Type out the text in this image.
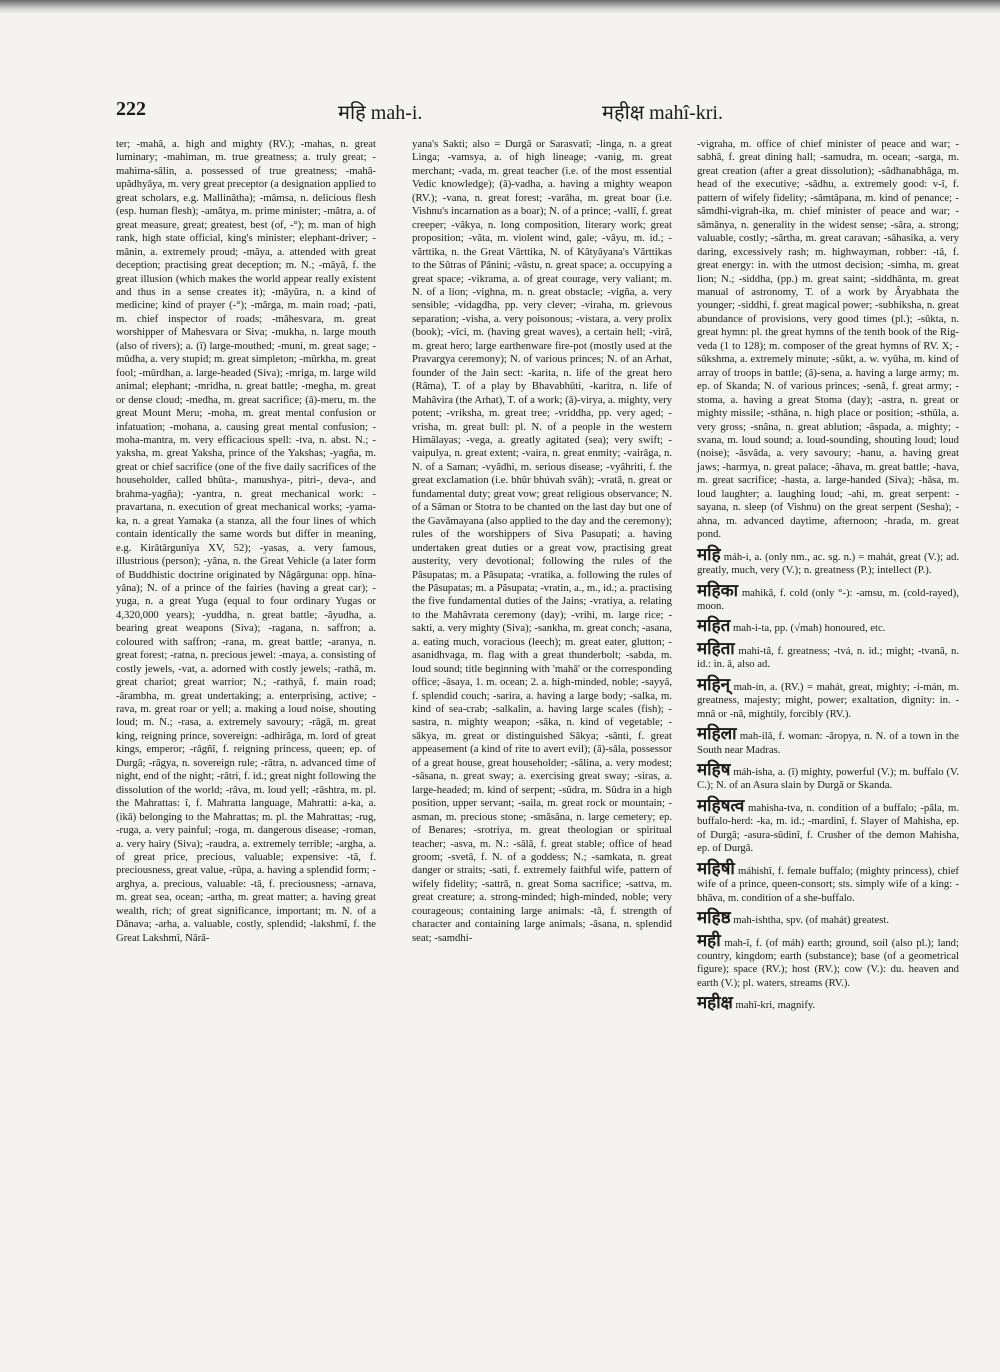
222	महि mah-i.	महीक्ष mahî-kri.

ter; -mahâ, a. high and mighty (RV.); -mahas, n. great luminary; -mahiman, m. true greatness; a. truly great; -mahima-sâlin, a. possessed of true greatness; -mahâ-upâdhyâya, m. very great preceptor (a designation applied to great scholars, e.g. Mallinâtha); -mâmsa, n. delicious flesh (esp. human flesh); -amâtya, m. prime minister; -mâtra, a. of great measure, great; greatest, best (of, -°); m. man of high rank, high state official, king's minister; elephant-driver; -mânin, a. extremely proud; -mâya, a. attended with great deception; practising great deception; m. N.; -mâyâ, f. the great illusion (which makes the world appear really existent and thus in a sense creates it); -mâyûra, n. a kind of medicine; kind of prayer (-°); -mârga, m. main road; -pati, m. chief inspector of roads; -mâhesvara, m. great worshipper of Mahesvara or Siva; -mukha, n. large mouth (also of rivers); a. (î) large-mouthed; -muni, m. great sage; -mûdha, a. very stupid; m. great simpleton; -mûrkha, m. great fool; -mûrdhan, a. large-headed (Siva); -mriga, m. large wild animal; elephant; -mridha, n. great battle; -megha, m. great or dense cloud; -medha, m. great sacrifice; (â)-meru, m. the great Mount Meru; -moha, m. great mental confusion or infatuation; -mohana, a. causing great mental confusion; -moha-mantra, m. very efficacious spell: -tva, n. abst. N.; -yaksha, m. great Yaksha, prince of the Yakshas; -yagña, m. great or chief sacrifice (one of the five daily sacrifices of the householder, called bhûta-, manushya-, pitri-, deva-, and brahma-yagña); -yantra, n. great mechanical work: -pravartana, n. execution of great mechanical works; -yama-ka, n. a great Yamaka (a stanza, all the four lines of which contain identically the same words but differ in meaning, e.g. Kirâtârgunîya XV, 52); -yasas, a. very famous, illustrious (person); -yâna, n. the Great Vehicle (a later form of Buddhistic doctrine originated by Nâgârguna: opp. hîna-yâna); N. of a prince of the fairies (having a great car); -yuga, n. a great Yuga (equal to four ordinary Yugas or 4,320,000 years); -yuddha, n. great battle; -âyudha, a. bearing great weapons (Siva); -ragana, n. saffron; a. coloured with saffron; -rana, m. great battle; -aranya, n. great forest; -ratna, n. precious jewel: -maya, a. consisting of costly jewels, -vat, a. adorned with costly jewels; -rathâ, m. great chariot; great warrior; N.; -rathyâ, f. main road; -ârambha, m. great undertaking; a. enterprising, active; -rava, m. great roar or yell; a. making a loud noise, shouting loud; m. N.; -rasa, a. extremely savoury; -râgâ, m. great king, reigning prince, sovereign: -adhirâga, m. lord of great kings, emperor; -râgñî, f. reigning princess, queen; ep. of Durgâ; -râgya, n. sovereign rule; -râtra, n. advanced time of night, end of the night; -râtri, f. id.; great night following the dissolution of the world; -râva, m. loud yell; -râshtra, m. pl. the Mahrattas: î, f. Mahratta language, Mahratti: a-ka, a. (ikâ) belonging to the Mahrattas; m. pl. the Mahrattas; -rug, -ruga, a. very painful; -roga, m. dangerous disease; -roman, a. very hairy (Siva); -raudra, a. extremely terrible; -argha, a. of great price, precious, valuable; expensive: -tâ, f. preciousness, great value, -rûpa, a. having a splendid form; -arghya, a. precious, valuable: -tâ, f. preciousness; -arnava, m. great sea, ocean; -artha, m. great matter; a. having great wealth, rich; of great significance, important; m. N. of a Dânava; -arha, a. valuable, costly, splendid; -lakshmî, f. the Great Lakshmî, Nârâ-

yana's Sakti; also = Durgâ or Sarasvatî; -linga, n. a great Linga; -vamsya, a. of high lineage; -vanig, m. great merchant; -vada, m. great teacher (i.e. of the most essential Vedic knowledge); (â)-vadha, a. having a mighty weapon (RV.); -vana, n. great forest; -varâha, m. great boar (i.e. Vishnu's incarnation as a boar); N. of a prince; -vallî, f. great creeper; -vâkya, n. long composition, literary work; great proposition; -vâta, m. violent wind, gale; -vâyu, m. id.; -vârttika, n. the Great Vârttika, N. of Kâtyâyana's Vârttikas to the Sûtras of Pânini; -vâstu, n. great space; a. occupying a great space; -vikrama, a. of great courage, very valiant; m. N. of a lion; -vighna, m. n. great obstacle; -vigña, a. very sensible; -vidagdha, pp. very clever; -viraha, m. grievous separation; -visha, a. very poisonous; -vistara, a. very prolix (book); -vîci, m. (having great waves), a certain hell; -virâ, m. great hero; large earthenware fire-pot (mostly used at the Pravargya ceremony); N. of various princes; N. of an Arhat, founder of the Jain sect: -karita, n. life of the great hero (Râma), T. of a play by Bhavabhûti, -karitra, n. life of Mahâvira (the Arhat), T. of a work; (â)-virya, a. mighty, very potent; -vriksha, m. great tree; -vriddha, pp. very aged; -vrisha, m. great bull: pl. N. of a people in the western Himâlayas; -vega, a. greatly agitated (sea); very swift; -vaipulya, n. great extent; -vaira, n. great enmity; -vairâga, n. N. of a Saman; -vyâdhi, m. serious disease; -vyâhriti, f. the great exclamation (i.e. bhûr bhúvah svâh); -vratâ, n. great or fundamental duty; great vow; great religious observance; N. of a Sâman or Stotra to be chanted on the last day but one of the Gavâmayana (also applied to the day and the ceremony); rules of the worshippers of Siva Pasupati; a. having undertaken great duties or a great vow, practising great austerity, very devotional; following the rules of the Pâsupatas; m. a Pâsupata; -vratika, a. following the rules of the Pâsupatas; m. a Pâsupata; -vratin, a., m., id.; a. practising the five fundamental duties of the Jains; -vratiya, a. relating to the Mahâvrata ceremony (day); -vrihi, m. large rice; -sakti, a. very mighty (Siva); -sankha, m. great conch; -asana, a. eating much, voracious (leech); m. great eater, glutton; -asanidhvaga, m. flag with a great thunderbolt; -sabda, m. loud sound; title beginning with 'mahâ' or the corresponding office; -âsaya, 1. m. ocean; 2. a. high-minded, noble; -sayyâ, f. splendid couch; -sarira, a. having a large body; -salka, m. kind of sea-crab; -salkalin, a. having large scales (fish); -sastra, n. mighty weapon; -sâka, n. kind of vegetable; -sâkya, m. great or distinguished Sâkya; -sânti, f. great appeasement (a kind of rite to avert evil); (â)-sâla, possessor of a great house, great householder; -sâlina, a. very modest; -sâsana, n. great sway; a. exercising great sway; -siras, a. large-headed; m. kind of serpent; -sûdra, m. Sûdra in a high position, upper servant; -saila, m. great rock or mountain; -asman, m. precious stone; -smâsâna, n. large cemetery; ep. of Benares; -srotriya, m. great theologian or spiritual teacher; -asva, m. N.: -sâlâ, f. great stable; office of head groom; -svetâ, f. N. of a goddess; N.; -samkata, n. great danger or straits; -sati, f. extremely faithful wife, pattern of wifely fidelity; -sattrâ, n. great Soma sacrifice; -sattva, m. great creature; a. strong-minded; high-minded, noble; very courageous; containing large animals: -tâ, f. strength of character and containing large animals; -âsana, n. splendid seat; -samdhi-

-vigraha, m. office of chief minister of peace and war; -sabhâ, f. great dining hall; -samudra, m. ocean; -sarga, m. great creation (after a great dissolution); -sâdhanabhâga, m. head of the executive; -sâdhu, a. extremely good: v-î, f. pattern of wifely fidelity; -sâmtâpana, m. kind of penance; -sâmdhi-vigrah-ika, m. chief minister of peace and war; -sâmânya, n. generality in the widest sense; -sâra, a. strong; valuable, costly; -sârtha, m. great caravan; -sâhasika, a. very daring, excessively rash; m. highwayman, robber: -tâ, f. great energy: in. with the utmost decision; -simha, m. great lion; N.; -siddha, (pp.) m. great saint; -siddhânta, m. great manual of astronomy, T. of a work by Âryabhata the younger; -siddhi, f. great magical power; -subhiksha, n. great abundance of provisions, very good times (pl.); -sûkta, n. great hymn: pl. the great hymns of the tenth book of the Rig-veda (1 to 128); m. composer of the great hymns of RV. X; -sûkshma, a. extremely minute; -sûkt, a. w. vyûha, m. kind of array of troops in battle; (â)-sena, a. having a large army; m. ep. of Skanda; N. of various princes; -senâ, f. great army; -stoma, a. having a great Stoma (day); -astra, n. great or mighty missile; -sthâna, n. high place or position; -sthûla, a. very gross; -snâna, n. great ablution; -âspada, a. mighty; -svana, m. loud sound; a. loud-sounding, shouting loud; loud (noise); -âsvâda, a. very savoury; -hanu, a. having great jaws; -harmya, n. great palace; -âhava, m. great battle; -hava, m. great sacrifice; -hasta, a. large-handed (Siva); -hâsa, m. loud laughter; a. laughing loud; -ahi, m. great serpent: -sayana, n. sleep (of Vishnu) on the great serpent (Sesha); -ahna, m. advanced daytime, afternoon; -hrada, m. great pond.

महि máh-i, a. (only nm., ac. sg. n.) = mahát, great (V.); ad. greatly, much, very (V.); n. greatness (P.); intellect (P.).

महिका mahikâ, f. cold (only °-): -amsu, m. (cold-rayed), moon.

महित mah-i-ta, pp. (√mah) honoured, etc.

महिता mahi-tâ, f. greatness; -tvá, n. id.; might; -tvanâ, n. id.: in. â, also ad.

महिन् mah-ín, a. (RV.) = mahát, great, mighty; -i-mán, m. greatness, majesty; might, power; exaltation, dignity: in. -mnâ or -nâ, mightily, forcibly (RV.).

महिला mah-ilâ, f. woman: -âropya, n. N. of a town in the South near Madras.

महिष máh-isha, a. (î) mighty, powerful (V.); m. buffalo (V. C.); N. of an Asura slain by Durgâ or Skanda.

महिषत्व mahisha-tva, n. condition of a buffalo; -pâla, m. buffalo-herd: -ka, m. id.; -mardinî, f. Slayer of Mahisha, ep. of Durgâ; -asura-sûdinî, f. Crusher of the demon Mahisha, ep. of Durgâ.

महिषी máhishî, f. female buffalo; (mighty princess), chief wife of a prince, queen-consort; sts. simply wife of a king: -bhâva, m. condition of a she-buffalo.

महिष्ठ mah-ishtha, spv. (of mahát) greatest.

मही mah-î, f. (of máh) earth; ground, soil (also pl.); land; country, kingdom; earth (substance); base (of a geometrical figure); space (RV.); host (RV.); cow (V.): du. heaven and earth (V.); pl. waters, streams (RV.).

महीक्ष mahî-kri, magnify.
